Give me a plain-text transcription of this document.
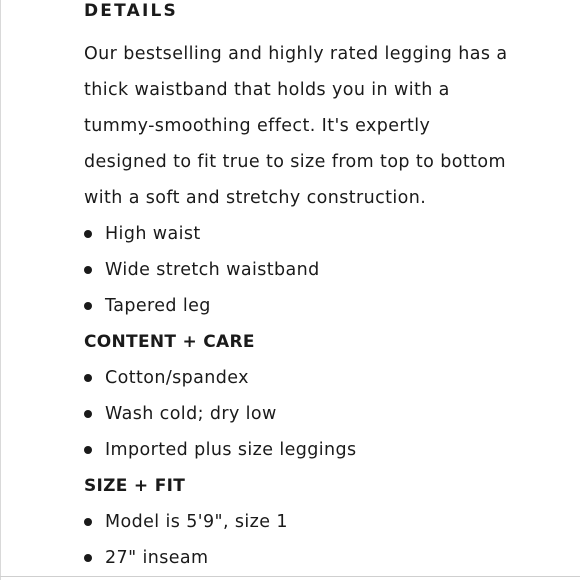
DETAILS
Our bestselling and highly rated legging has a
thick waistband that holds you in with a
tummy-smoothing effect. It's expertly
designed to fit true to size from top to bottom
with a soft and stretchy construction.
High waist
Wide stretch waistband
Tapered leg
CONTENT + CARE
Cotton/spandex
Wash cold; dry low
Imported plus size leggings
SIZE + FIT
Model is 5'9", size 1
27" inseam
